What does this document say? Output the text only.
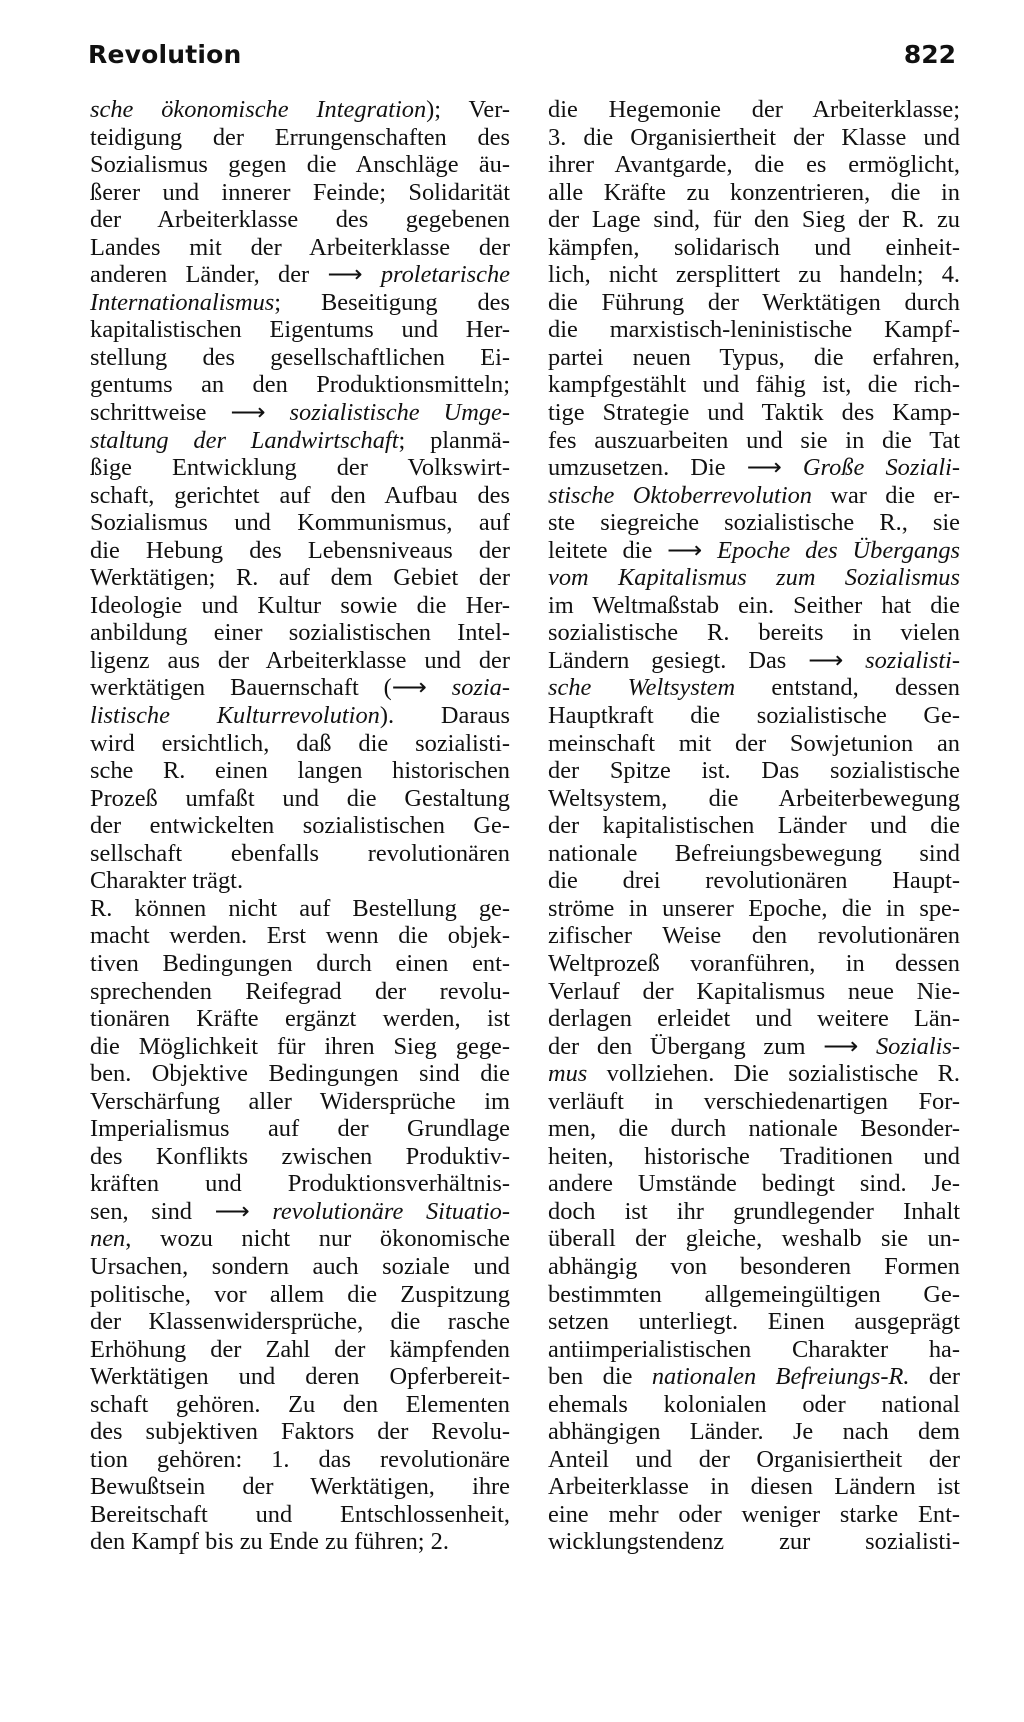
Revolution	822
sche ökonomische Integration); Ver-
teidigung der Errungenschaften des
Sozialismus gegen die Anschläge äu-
ßerer und innerer Feinde; Solidarität
der Arbeiterklasse des gegebenen
Landes mit der Arbeiterklasse der
anderen Länder, der ⟶ proletarische
Internationalismus; Beseitigung des
kapitalistischen Eigentums und Her-
stellung des gesellschaftlichen Ei-
gentums an den Produktionsmitteln;
schrittweise ⟶ sozialistische Umge-
staltung der Landwirtschaft; planmä-
ßige Entwicklung der Volkswirt-
schaft, gerichtet auf den Aufbau des
Sozialismus und Kommunismus, auf
die Hebung des Lebensniveaus der
Werktätigen; R. auf dem Gebiet der
Ideologie und Kultur sowie die Her-
anbildung einer sozialistischen Intel-
ligenz aus der Arbeiterklasse und der
werktätigen Bauernschaft (⟶ sozia-
listische Kulturrevolution). Daraus
wird ersichtlich, daß die sozialisti-
sche R. einen langen historischen
Prozeß umfaßt und die Gestaltung
der entwickelten sozialistischen Ge-
sellschaft ebenfalls revolutionären
Charakter trägt.
R. können nicht auf Bestellung ge-
macht werden. Erst wenn die objek-
tiven Bedingungen durch einen ent-
sprechenden Reifegrad der revolu-
tionären Kräfte ergänzt werden, ist
die Möglichkeit für ihren Sieg gege-
ben. Objektive Bedingungen sind die
Verschärfung aller Widersprüche im
Imperialismus auf der Grundlage
des Konflikts zwischen Produktiv-
kräften und Produktionsverhältnis-
sen, sind ⟶ revolutionäre Situatio-
nen, wozu nicht nur ökonomische
Ursachen, sondern auch soziale und
politische, vor allem die Zuspitzung
der Klassenwidersprüche, die rasche
Erhöhung der Zahl der kämpfenden
Werktätigen und deren Opferbereit-
schaft gehören. Zu den Elementen
des subjektiven Faktors der Revolu-
tion gehören: 1. das revolutionäre
Bewußtsein der Werktätigen, ihre
Bereitschaft und Entschlossenheit,
den Kampf bis zu Ende zu führen; 2.
die Hegemonie der Arbeiterklasse;
3. die Organisiertheit der Klasse und
ihrer Avantgarde, die es ermöglicht,
alle Kräfte zu konzentrieren, die in
der Lage sind, für den Sieg der R. zu
kämpfen, solidarisch und einheit-
lich, nicht zersplittert zu handeln; 4.
die Führung der Werktätigen durch
die marxistisch-leninistische Kampf-
partei neuen Typus, die erfahren,
kampfgestählt und fähig ist, die rich-
tige Strategie und Taktik des Kamp-
fes auszuarbeiten und sie in die Tat
umzusetzen. Die ⟶ Große Soziali-
stische Oktoberrevolution war die er-
ste siegreiche sozialistische R., sie
leitete die ⟶ Epoche des Übergangs
vom Kapitalismus zum Sozialismus
im Weltmaßstab ein. Seither hat die
sozialistische R. bereits in vielen
Ländern gesiegt. Das ⟶ sozialisti-
sche Weltsystem entstand, dessen
Hauptkraft die sozialistische Ge-
meinschaft mit der Sowjetunion an
der Spitze ist. Das sozialistische
Weltsystem, die Arbeiterbewegung
der kapitalistischen Länder und die
nationale Befreiungsbewegung sind
die drei revolutionären Haupt-
ströme in unserer Epoche, die in spe-
zifischer Weise den revolutionären
Weltprozeß voranführen, in dessen
Verlauf der Kapitalismus neue Nie-
derlagen erleidet und weitere Län-
der den Übergang zum ⟶ Sozialis-
mus vollziehen. Die sozialistische R.
verläuft in verschiedenartigen For-
men, die durch nationale Besonder-
heiten, historische Traditionen und
andere Umstände bedingt sind. Je-
doch ist ihr grundlegender Inhalt
überall der gleiche, weshalb sie un-
abhängig von besonderen Formen
bestimmten allgemeingültigen Ge-
setzen unterliegt. Einen ausgeprägt
antiimperialistischen Charakter ha-
ben die nationalen Befreiungs-R. der
ehemals kolonialen oder national
abhängigen Länder. Je nach dem
Anteil und der Organisiertheit der
Arbeiterklasse in diesen Ländern ist
eine mehr oder weniger starke Ent-
wicklungstendenz zur sozialisti-
